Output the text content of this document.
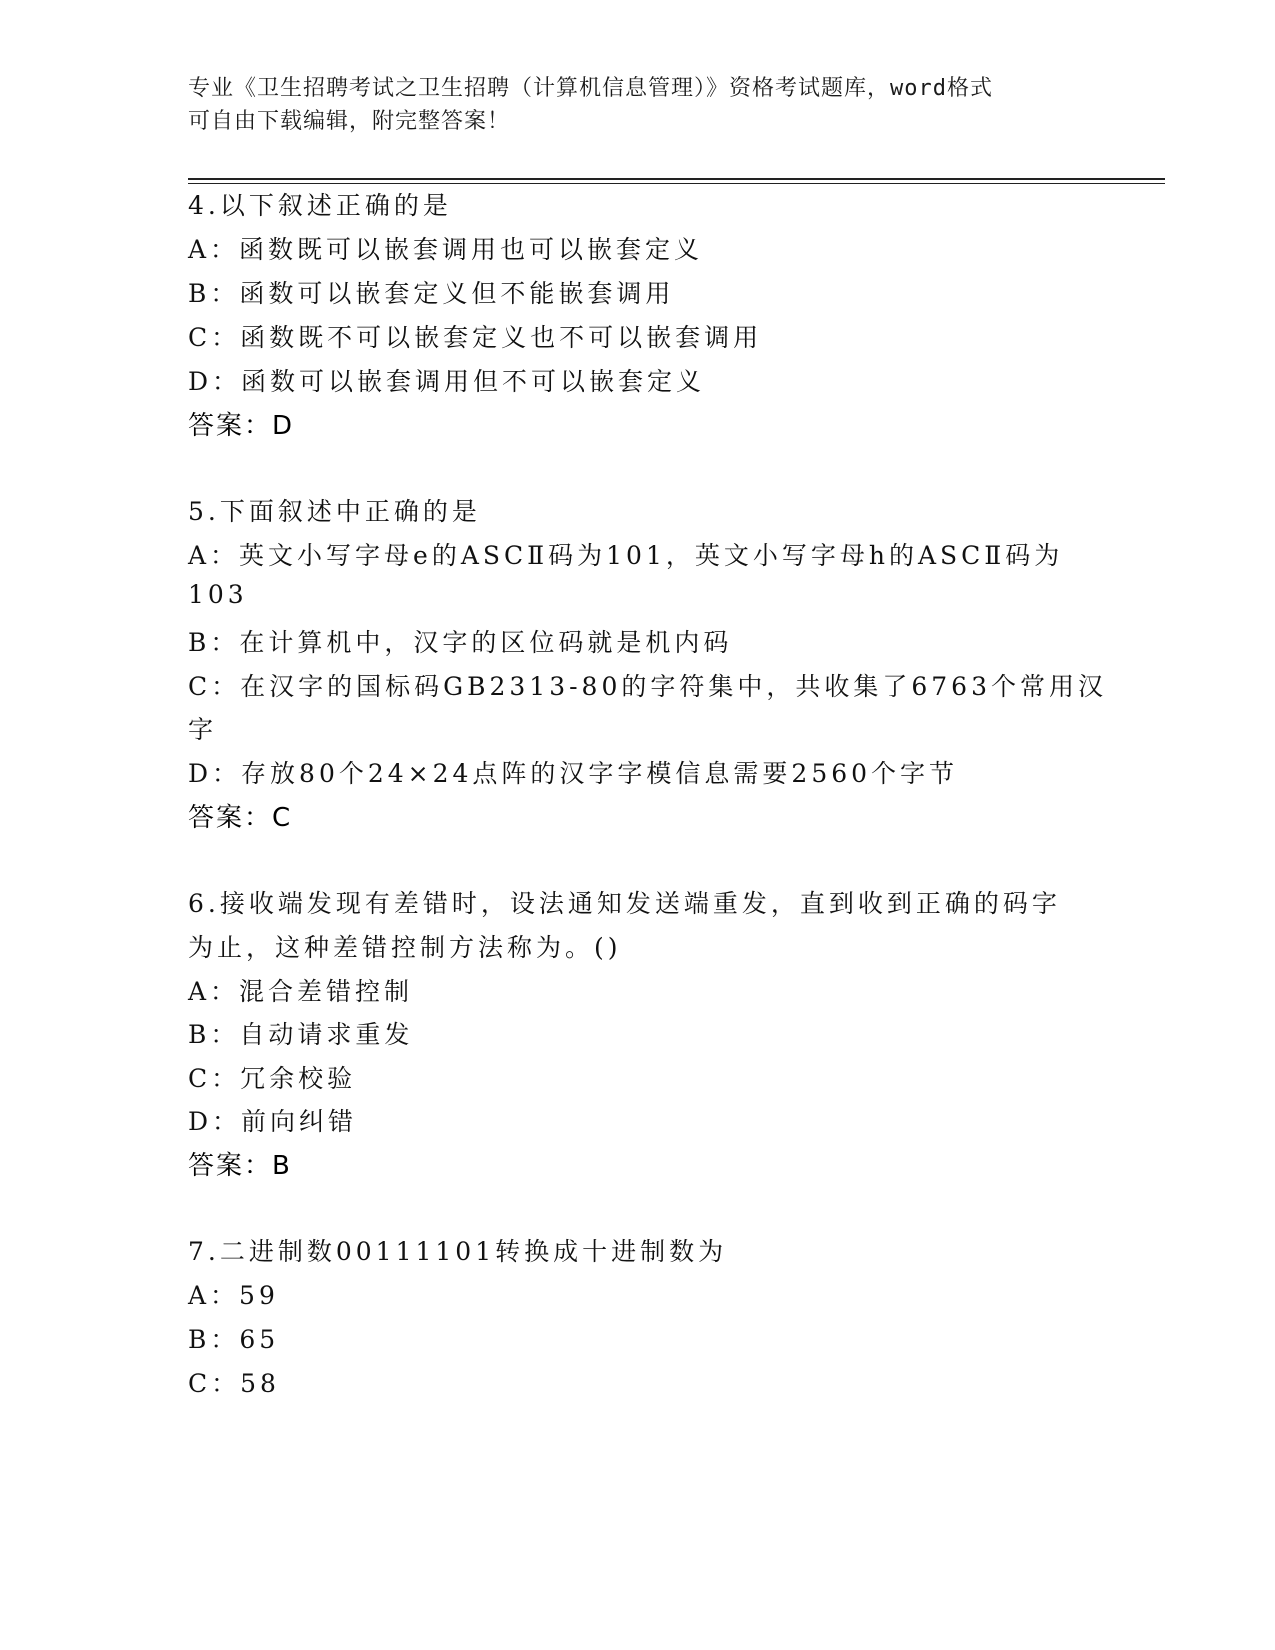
专业《卫生招聘考试之卫生招聘（计算机信息管理）》资格考试题库，word格式
可自由下载编辑，附完整答案！
4.以下叙述正确的是
A：函数既可以嵌套调用也可以嵌套定义
B：函数可以嵌套定义但不能嵌套调用
C：函数既不可以嵌套定义也不可以嵌套调用
D：函数可以嵌套调用但不可以嵌套定义
答案：D
5.下面叙述中正确的是
A：英文小写字母e的ASCⅡ码为101，英文小写字母h的ASCⅡ码为
103
B：在计算机中，汉字的区位码就是机内码
C：在汉字的国标码GB2313-80的字符集中，共收集了6763个常用汉
字
D：存放80个24×24点阵的汉字字模信息需要2560个字节
答案：C
6.接收端发现有差错时，设法通知发送端重发，直到收到正确的码字
为止，这种差错控制方法称为。()
A：混合差错控制
B：自动请求重发
C：冗余校验
D：前向纠错
答案：B
7.二进制数00111101转换成十进制数为
A：59
B：65
C：58
